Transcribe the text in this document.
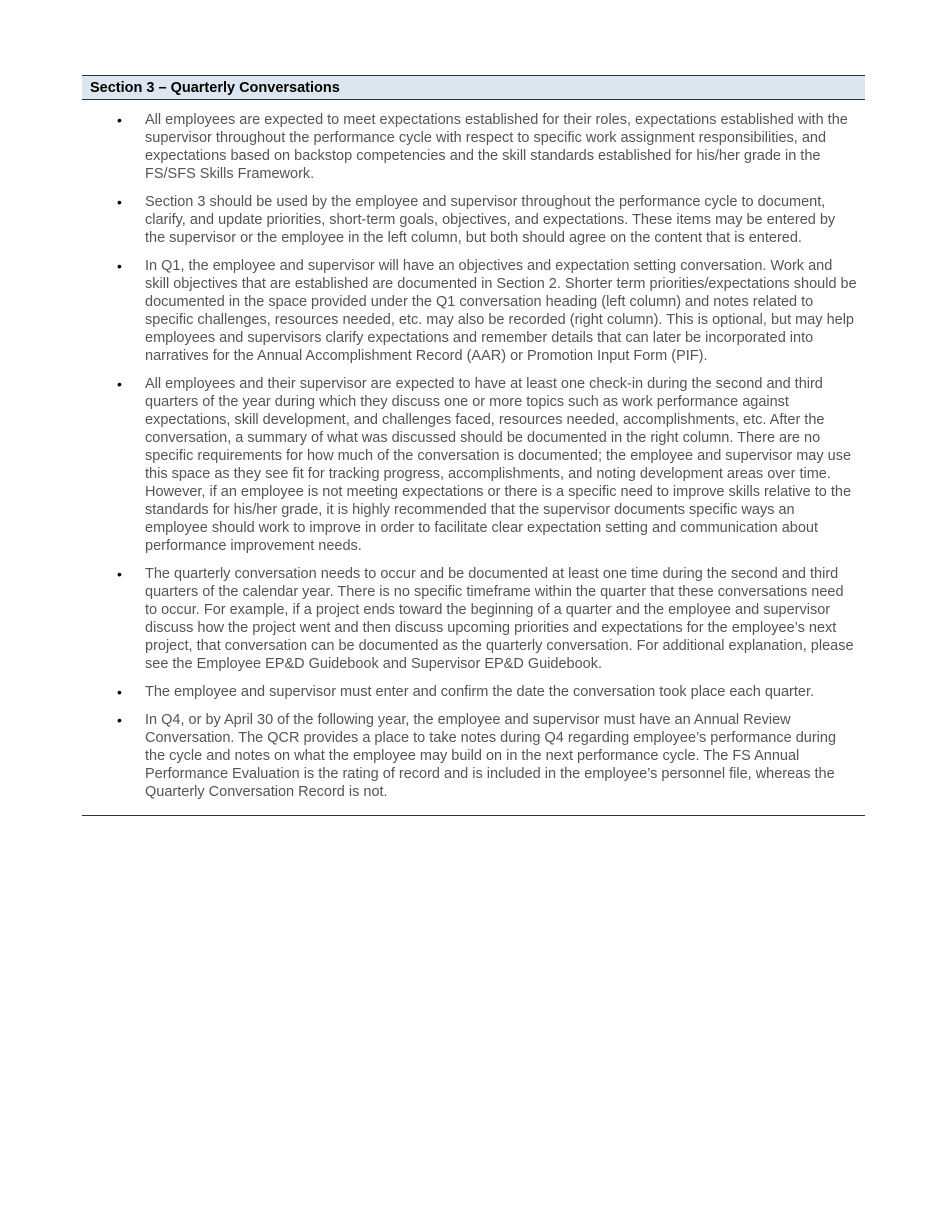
Section 3 – Quarterly Conversations
• All employees are expected to meet expectations established for their roles, expectations established with the supervisor throughout the performance cycle with respect to specific work assignment responsibilities, and expectations based on backstop competencies and the skill standards established for his/her grade in the FS/SFS Skills Framework.
• Section 3 should be used by the employee and supervisor throughout the performance cycle to document, clarify, and update priorities, short-term goals, objectives, and expectations. These items may be entered by the supervisor or the employee in the left column, but both should agree on the content that is entered.
• In Q1, the employee and supervisor will have an objectives and expectation setting conversation. Work and skill objectives that are established are documented in Section 2. Shorter term priorities/expectations should be documented in the space provided under the Q1 conversation heading (left column) and notes related to specific challenges, resources needed, etc. may also be recorded (right column). This is optional, but may help employees and supervisors clarify expectations and remember details that can later be incorporated into narratives for the Annual Accomplishment Record (AAR) or Promotion Input Form (PIF).
• All employees and their supervisor are expected to have at least one check-in during the second and third quarters of the year during which they discuss one or more topics such as work performance against expectations, skill development, and challenges faced, resources needed, accomplishments, etc. After the conversation, a summary of what was discussed should be documented in the right column. There are no specific requirements for how much of the conversation is documented; the employee and supervisor may use this space as they see fit for tracking progress, accomplishments, and noting development areas over time. However, if an employee is not meeting expectations or there is a specific need to improve skills relative to the standards for his/her grade, it is highly recommended that the supervisor documents specific ways an employee should work to improve in order to facilitate clear expectation setting and communication about performance improvement needs.
• The quarterly conversation needs to occur and be documented at least one time during the second and third quarters of the calendar year. There is no specific timeframe within the quarter that these conversations need to occur. For example, if a project ends toward the beginning of a quarter and the employee and supervisor discuss how the project went and then discuss upcoming priorities and expectations for the employee’s next project, that conversation can be documented as the quarterly conversation. For additional explanation, please see the Employee EP&D Guidebook and Supervisor EP&D Guidebook.
• The employee and supervisor must enter and confirm the date the conversation took place each quarter.
• In Q4, or by April 30 of the following year, the employee and supervisor must have an Annual Review Conversation. The QCR provides a place to take notes during Q4 regarding employee’s performance during the cycle and notes on what the employee may build on in the next performance cycle. The FS Annual Performance Evaluation is the rating of record and is included in the employee’s personnel file, whereas the Quarterly Conversation Record is not.
